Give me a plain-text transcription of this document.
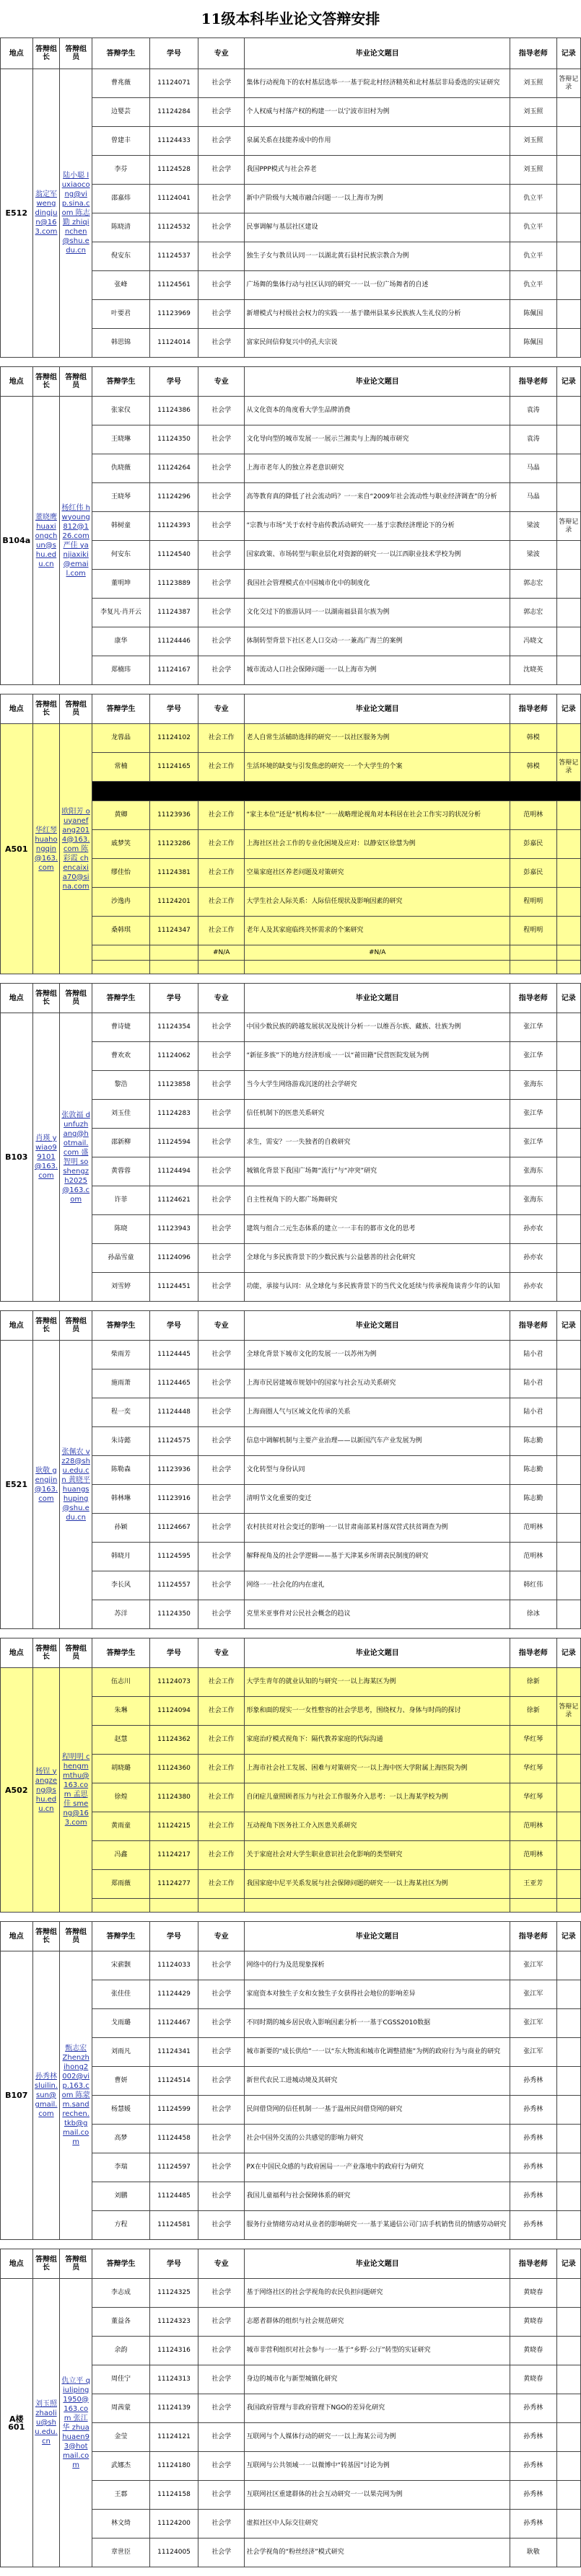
11级本科毕业论文答辩安排
地点	答辩组长	答辩组员	答辩学生	学号	专业	毕业论文题目	指导老师	记录
E512	翁定军 wengdingjun@163.com	陆小聪 luxiaocong@vip.sina.com 陈志勤 zhiqinchen@shu.edu.cn	曹兆薇	11124071	社会学	集体行动视角下的农村基层选举一一基于院北村经济精英和北村基层非局委选的实证研究	刘玉照	答辩记录
			边婴芸	11124284	社会学	个人权威与村落产权的构建一一以宁波市旧村为例	刘玉照	
			曾建丰	11124433	社会学	泉属关系在技能养成中的作用	刘玉照	
			李芬	11124528	社会学	我国PPP模式与社会养老	刘玉照	
			邵嘉炜	11124041	社会学	新中产阶级与大城市融合问题一一以上海市为例	仇立平	
			陈晓清	11124532	社会学	民事调解与基层社区建设	仇立平	
			倪安东	11124537	社会学	独生子女与教员认同一一以湖北黄石县村民族宗教合为例	仇立平	
			张峰	11124561	社会学	广场舞的集体行动与社区认同的研究一一以一位广场舞者的自述	仇立平	
			叶要君	11123969	社会学	新增模式与村级社会权力的实践一一基于赣州县某乡民族族人生礼仪的分析	陈佩国	
			韩思锦	11124014	社会学	富家民间信仰复兴中的孔夫宗说	陈佩国	
地点	答辩组长	答辩组员	答辩学生	学号	专业	毕业论文题目	指导老师	记录
B104a	董晓鹰 huaxiongchun@shu.edu.cn	杨红伟 hwyoung812@126.com 严佳 yanjiaxiki@email.com	张家仪	11124386	社会学	从文化资本的角度看大学生品牌消费	袁涛	
			王晓琳	11124350	社会学	文化导向型的城市发展一一展示兰湘卖与上海的城市研究	袁涛	
			仇晓薇	11124264	社会学	上海市老年人的独立养老意识研究	马晶	
			王晓琴	11124296	社会学	高等教育真的降低了社会流动吗？一一来自“2009年社会流动性与职业经济调查”的分析	马晶	
			韩树童	11124393	社会学	“宗教与市场”关于农村寺庙传教活动研究一一基于宗教经济理论下的分析	梁波	答辩记录
			何安东	11124540	社会学	国家政策、市场转型与职业层化对资源的研究一一以江西职业技术学校为例	梁波	
			董明坤	11123889	社会学	我国社会管理模式在中国城市化中的制度化	郭志宏	
			李复凡·肖开云	11124387	社会学	文化交过下的旅游认同一一以湖南福县苗尔族为例	郭志宏	
			康华	11124446	社会学	体制转型背景下社区老人口交动一一兼高广海兰的案例	冯晓文	
			郑楠玮	11124167	社会学	城市流动人口社会保障问题一一以上海市为例	沈晓英	
地点	答辩组长	答辩组员	答辩学生	学号	专业	毕业论文题目	指导老师	记录
A501	华红琴 huahongqin@163.com	欧阳芳 ouyanefang2014@163.com 陈彩霞 chencaixia70@sina.com	龙蓉晶	11124102	社会工作	老人自常生活辅助选择的研究一一以社区服务为例	韩模	
			常楠	11124165	社会工作	生活环境的缺变与引发焦虑的研究一一个大学生的个案	韩模	答辩记录

			黄卿	11123936	社会工作	“家主本位”还是“机构本位”一一战略理论视角对本科居在社会工作实习的状况分析	范明林	
			戚梦笑	11123286	社会工作	上海社区社会工作的专业化困境及应对：以静安区徐慧为例	彭嘉民	
			缪佳怡	11124381	社会工作	空巢家庭社区养老问题及对策研究	彭嘉民	
			沙逸冉	11124201	社会工作	大学生社会人际关系：人际信任现状及影响因素的研究	程明明	
			桑韩琪	11124347	社会工作	老年人及其家庭临终关怀需求的个案研究	程明明	
					#N/A	#N/A		

地点	答辩组长	答辩组员	答辩学生	学号	专业	毕业论文题目	指导老师	记录
B103	肖瑛 ywiao99101@163.com	张敦福 dunfuzhang@hotmail.com 盛智明 soshengzh2025@163.com	曹诗婕	11124354	社会学	中国少数民族的跨越发展状况及统计分析一一以维吾尔族、藏族、壮族为例	张江华	
			曹欢欢	11124062	社会学	“新征多族”下的地方经济形成一一以“莆田籍”民营医院发展为例	张江华	
			黎浩	11123858	社会学	当今大学生网络游戏沉迷的社会学研究	张海东	
			刘玉佳	11124283	社会学	信任机制下的医患关系研究	张江华	
			邵新柳	11124594	社会学	求生，需安？一一失独者的自救研究	张江华	
			黄蓉蓉	11124494	社会学	城镇化背景下我国广场舞“流行”与“冲突”研究	张海东	
			许菲	11124621	社会学	自主性视角下的大都广场舞研究	张海东	
			陈晓	11123943	社会学	建筑与组合二元生态体系的建立一一丰有的都市文化的思考	孙亦农	
			孙晶雪童	11124096	社会学	全球化与多民族背景下的少数民族与公益慈善的社会化研究	孙亦农	
			刘雪婷	11124451	社会学	功能，承接与认同：从全球化与多民族背景下的当代文化延续与传承视角谈青少年的认知	孙亦农	
地点	答辩组长	答辩组员	答辩学生	学号	专业	毕业论文题目	指导老师	记录
E521	耿敬 gengjin@163.com	张佩农 vz28@shu.edu.cn 黄晓平 huangshuping@shu.edu.cn	柴雨芳	11124445	社会学	全球化背景下城市文化的发展一一以苏州为例	陆小君	
			施雨萧	11124465	社会学	上海市民居建城市规划中的国家与社会互动关系研究	陆小君	
			程一奕	11124448	社会学	上海商圈人气与区域文化传承的关系	陆小君	
			朱诗懿	11124575	社会学	信息中调解机制与主要产业治理——以新国汽车产业发展为例	陈志勤	
			陈勒森	11123936	社会学	文化转型与身份认同	陈志勤	
			韩林琳	11123916	社会学	清明节文化重要的变迁	陈志勤	
			孙颖	11124667	社会学	农村扶贫对社会变迁的影响一一以甘肃南部某村落双营式扶贫调查为例	范明林	
			韩晓月	11124595	社会学	解释视角及的社会学逻辑——基于天津某乡所谓表民制度的研究	范明林	
			李长风	11124557	社会学	网络一一社会化的内在虚礼	韩红伟	
			苏洋	11124350	社会学	克里米亚事件对公民社会概念的趋议	徐冰	
地点	答辩组长	答辩组员	答辩学生	学号	专业	毕业论文题目	指导老师	记录
A502	杨锃 yangzeng@shu.edu.cn	程明明 chengmmthu@163.com 孟思佳 smeng@163.com	伍志川	11124073	社会工作	大学生青年的就业认知的与研究一一以上海某区为例	徐新	
			朱琳	11124094	社会工作	形象和面的现实一一女性整容的社会学思考，围绕权力、身体与时尚的探讨	徐新	答辩记录
			赵慧	11124362	社会工作	家庭治疗模式视角下：隔代教养家庭的代际沟通	华红琴	
			胡晓璐	11124360	社会工作	上海市社会社工发展、困难与对策研究一一以上海中医大学附属上海医院为例	华红琴	
			徐煌	11124380	社会工作	自闭症儿童照顾者压力与社会工作服务介入思考：一以上海某学校为例	华红琴	
			黄雨童	11124215	社会工作	互动视角下医务社工介入医患关系研究	范明林	
			冯鑫	11124217	社会工作	关于家庭社会对大学生职业意识社会化影响的类型研究	范明林	
			郑雨薇	11124277	社会工作	我国家庭中尼平关系发展与社会保障问题的研究一一以上海某社区为例	王亚芳	

地点	答辩组长	答辩组员	答辩学生	学号	专业	毕业论文题目	指导老师	记录
B107	孙秀林 sluilin.sun@gmail.com	甄志宏 Zhenzhihong2002@vip.163.com 陈蒙 m.sandrechen.tkb@gmail.com	宋薪颢	11124033	社会学	网络中的行为及范现象探析	张江军	
			张佳佳	11124429	社会学	家庭资本对独生子女和女独生子女获得社会地位的影响差异	张江军	
			戈雨璐	11124467	社会学	不同时期的城乡居民收入影响因素分析一一基于CGSS2010数据	张江军	
			刘雨凡	11124341	社会学	城市新要的“成长供给”一一以“东大物流和城市化调整措施”为例的政府行为与商业的研究	张江军	
			曹妍	11124514	社会学	新世代农民工进城动境及其研究	孙秀林	
			杨慧媛	11124599	社会学	民间借贷网的信任机制一一基于温州民间借贷网的研究	孙秀林	
			高梦	11124458	社会学	社会中国外交流的公共感觉的影响力研究	孙秀林	
			李瑞	11124597	社会学	PX在中国民众感的与政府困局一一产业落地中的政府行为研究	孙秀林	
			刘鹏	11124485	社会学	我国儿童福利与社会保障体系的研究	孙秀林	
			方程	11124581	社会学	服务行业情绪劳动对从业者的影响研究一一基于某通信公司门店手机销售员的情感劳动研究	孙秀林	
地点	答辩组长	答辩组员	答辩学生	学号	专业	毕业论文题目	指导老师	记录
A楼601	刘玉照 zhaoliu@shu.edu.cn	仇立平 qiuliping1950@163.com 张江华 zhuahuaen93@hotmail.com	李志成	11124325	社会学	基于网络社区的社会学视角的农民负担问题研究	黄晓春	
			董益各	11124323	社会学	志愿者群体的组织与社会规范研究	黄晓春	
			余韵	11124316	社会学	城市非营利组织对社会参与一一基于“乡野·公厅”转型的实证研究	黄晓春	
			周佳宁	11124313	社会学	身边的城市化与新型城镇化研究	黄晓春	
			周茜蒙	11124139	社会学	我国政府管理与非政府管理下NGO的差异化研究	孙秀林	
			金莹	11124121	社会学	互联网与个人媒体行动的研究一一以上海某公司为例	孙秀林	
			武娜杰	11124180	社会学	互联网与公共领域一一以微博中“转基因”讨论为例	孙秀林	
			王郡	11124158	社会学	互联网社区重建群体的社会互动研究一一以果壳网为例	孙秀林	
			林文绮	11124200	社会学	虚拟社区中人际交往研究	孙秀林	
			章世臣	11124005	社会学	社会学视角的“粉丝经济”模式研究	耿敬	
